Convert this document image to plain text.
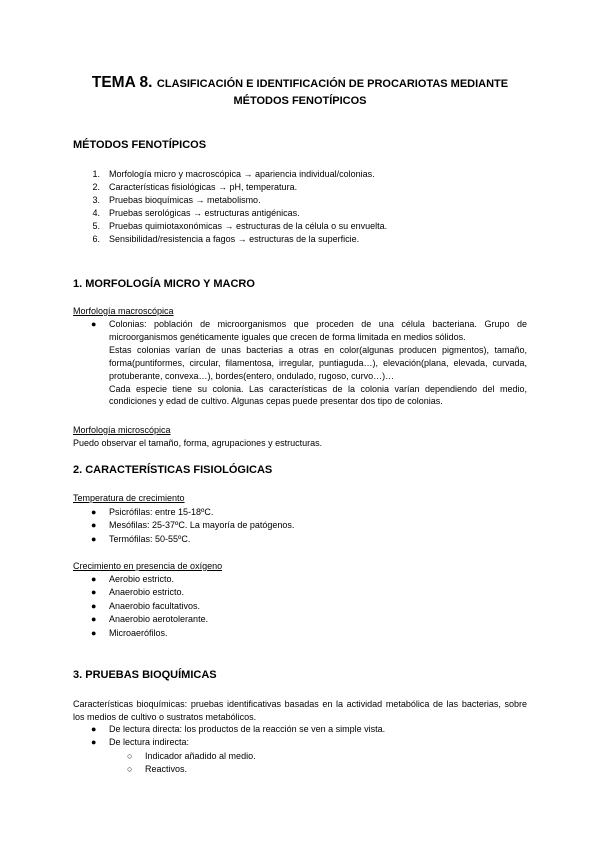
TEMA 8. CLASIFICACIÓN E IDENTIFICACIÓN DE PROCARIOTAS MEDIANTE
MÉTODOS FENOTÍPICOS
MÉTODOS FENOTÍPICOS
1.	Morfología micro y macroscópica → apariencia individual/colonias.
2.	Características fisiológicas → pH, temperatura.
3.	Pruebas bioquímicas → metabolismo.
4.	Pruebas serológicas → estructuras antigénicas.
5.	Pruebas quimiotaxonómicas → estructuras de la célula o su envuelta.
6.	Sensibilidad/resistencia a fagos → estructuras de la superficie.
1. MORFOLOGÍA MICRO Y MACRO
Morfología macroscópica
●	Colonias: población de microorganismos que proceden de una célula bacteriana. Grupo de microorganismos genéticamente iguales que crecen de forma limitada en medios sólidos.
Estas colonias varían de unas bacterias a otras en color(algunas producen pigmentos), tamaño, forma(puntiformes, circular, filamentosa, irregular, puntiaguda…), elevación(plana, elevada, curvada, protuberante, convexa…), bordes(entero, ondulado, rugoso, curvo…)…
Cada especie tiene su colonia. Las características de la colonia varían dependiendo del medio, condiciones y edad de cultivo. Algunas cepas puede presentar dos tipo de colonias.
Morfología microscópica
Puedo observar el tamaño, forma, agrupaciones y estructuras.
2. CARACTERÍSTICAS FISIOLÓGICAS
Temperatura de crecimiento
●	Psicrófilas: entre 15-18ºC.
●	Mesófilas: 25-37ºC. La mayoría de patógenos.
●	Termófilas: 50-55ºC.
Crecimiento en presencia de oxígeno
●	Aerobio estricto.
●	Anaerobio estricto.
●	Anaerobio facultativos.
●	Anaerobio aerotolerante.
●	Microaerófilos.
3. PRUEBAS BIOQUÍMICAS
Características bioquímicas: pruebas identificativas basadas en la actividad metabólica de las bacterias, sobre los medios de cultivo o sustratos metabólicos.
●	De lectura directa: los productos de la reacción se ven a simple vista.
●	De lectura indirecta:
○	Indicador añadido al medio.
○	Reactivos.
